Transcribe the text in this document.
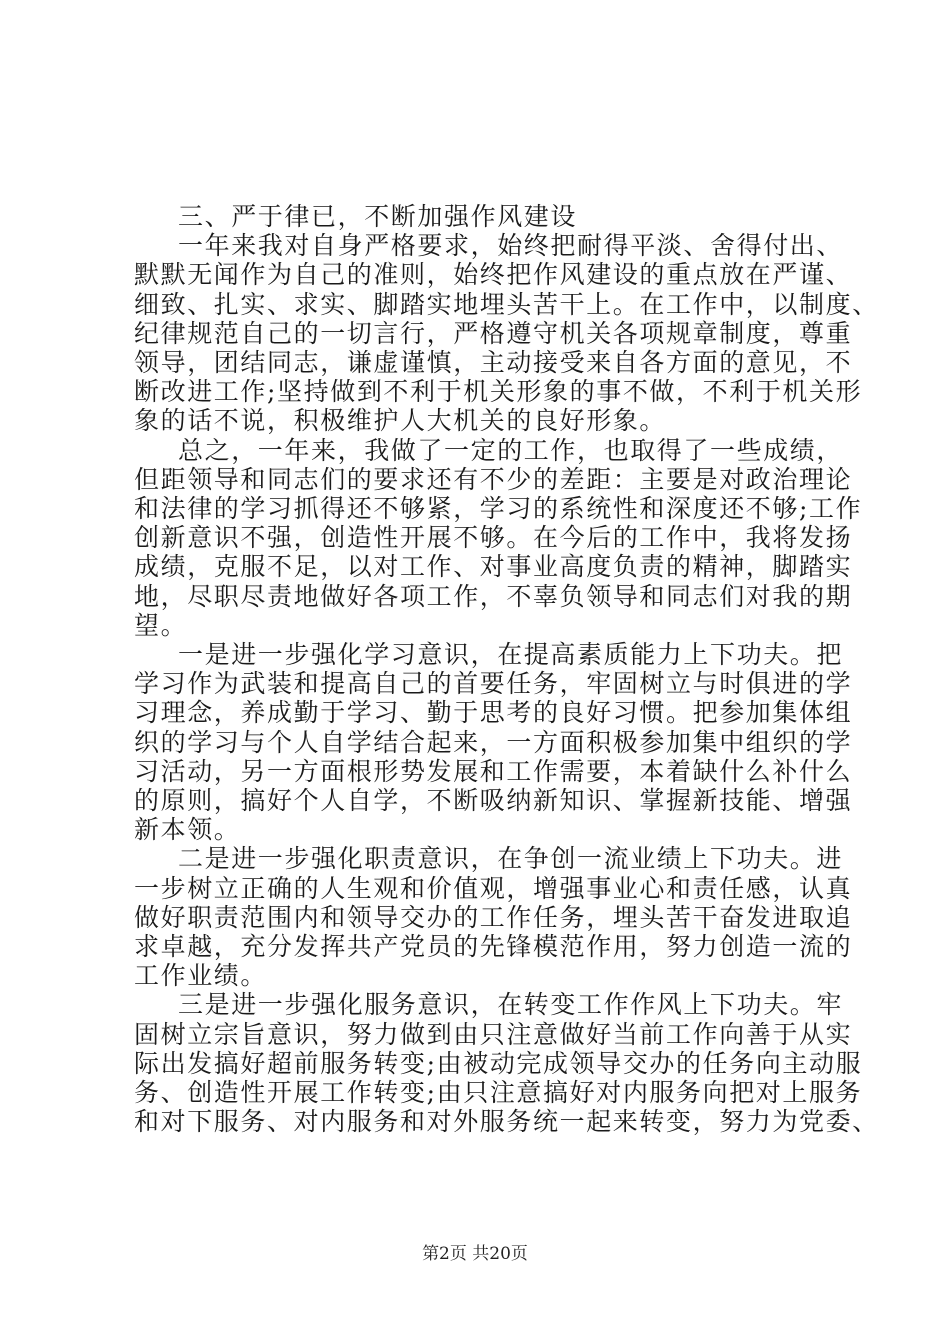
三、严于律已，不断加强作风建设
一年来我对自身严格要求，始终把耐得平淡、舍得付出、
默默无闻作为自己的准则，始终把作风建设的重点放在严谨、
细致、扎实、求实、脚踏实地埋头苦干上。在工作中，以制度、
纪律规范自己的一切言行，严格遵守机关各项规章制度，尊重
领导，团结同志，谦虚谨慎，主动接受来自各方面的意见，不
断改进工作;坚持做到不利于机关形象的事不做，不利于机关形
象的话不说，积极维护人大机关的良好形象。
总之，一年来，我做了一定的工作，也取得了一些成绩，
但距领导和同志们的要求还有不少的差距：主要是对政治理论
和法律的学习抓得还不够紧，学习的系统性和深度还不够;工作
创新意识不强，创造性开展不够。在今后的工作中，我将发扬
成绩，克服不足，以对工作、对事业高度负责的精神，脚踏实
地，尽职尽责地做好各项工作，不辜负领导和同志们对我的期
望。
一是进一步强化学习意识，在提高素质能力上下功夫。把
学习作为武装和提高自己的首要任务，牢固树立与时俱进的学
习理念，养成勤于学习、勤于思考的良好习惯。把参加集体组
织的学习与个人自学结合起来，一方面积极参加集中组织的学
习活动，另一方面根形势发展和工作需要，本着缺什么补什么
的原则，搞好个人自学，不断吸纳新知识、掌握新技能、增强
新本领。
二是进一步强化职责意识，在争创一流业绩上下功夫。进
一步树立正确的人生观和价值观，增强事业心和责任感，认真
做好职责范围内和领导交办的工作任务，埋头苦干奋发进取追
求卓越，充分发挥共产党员的先锋模范作用，努力创造一流的
工作业绩。
三是进一步强化服务意识，在转变工作作风上下功夫。牢
固树立宗旨意识，努力做到由只注意做好当前工作向善于从实
际出发搞好超前服务转变;由被动完成领导交办的任务向主动服
务、创造性开展工作转变;由只注意搞好对内服务向把对上服务
和对下服务、对内服务和对外服务统一起来转变，努力为党委、
第2页 共20页
